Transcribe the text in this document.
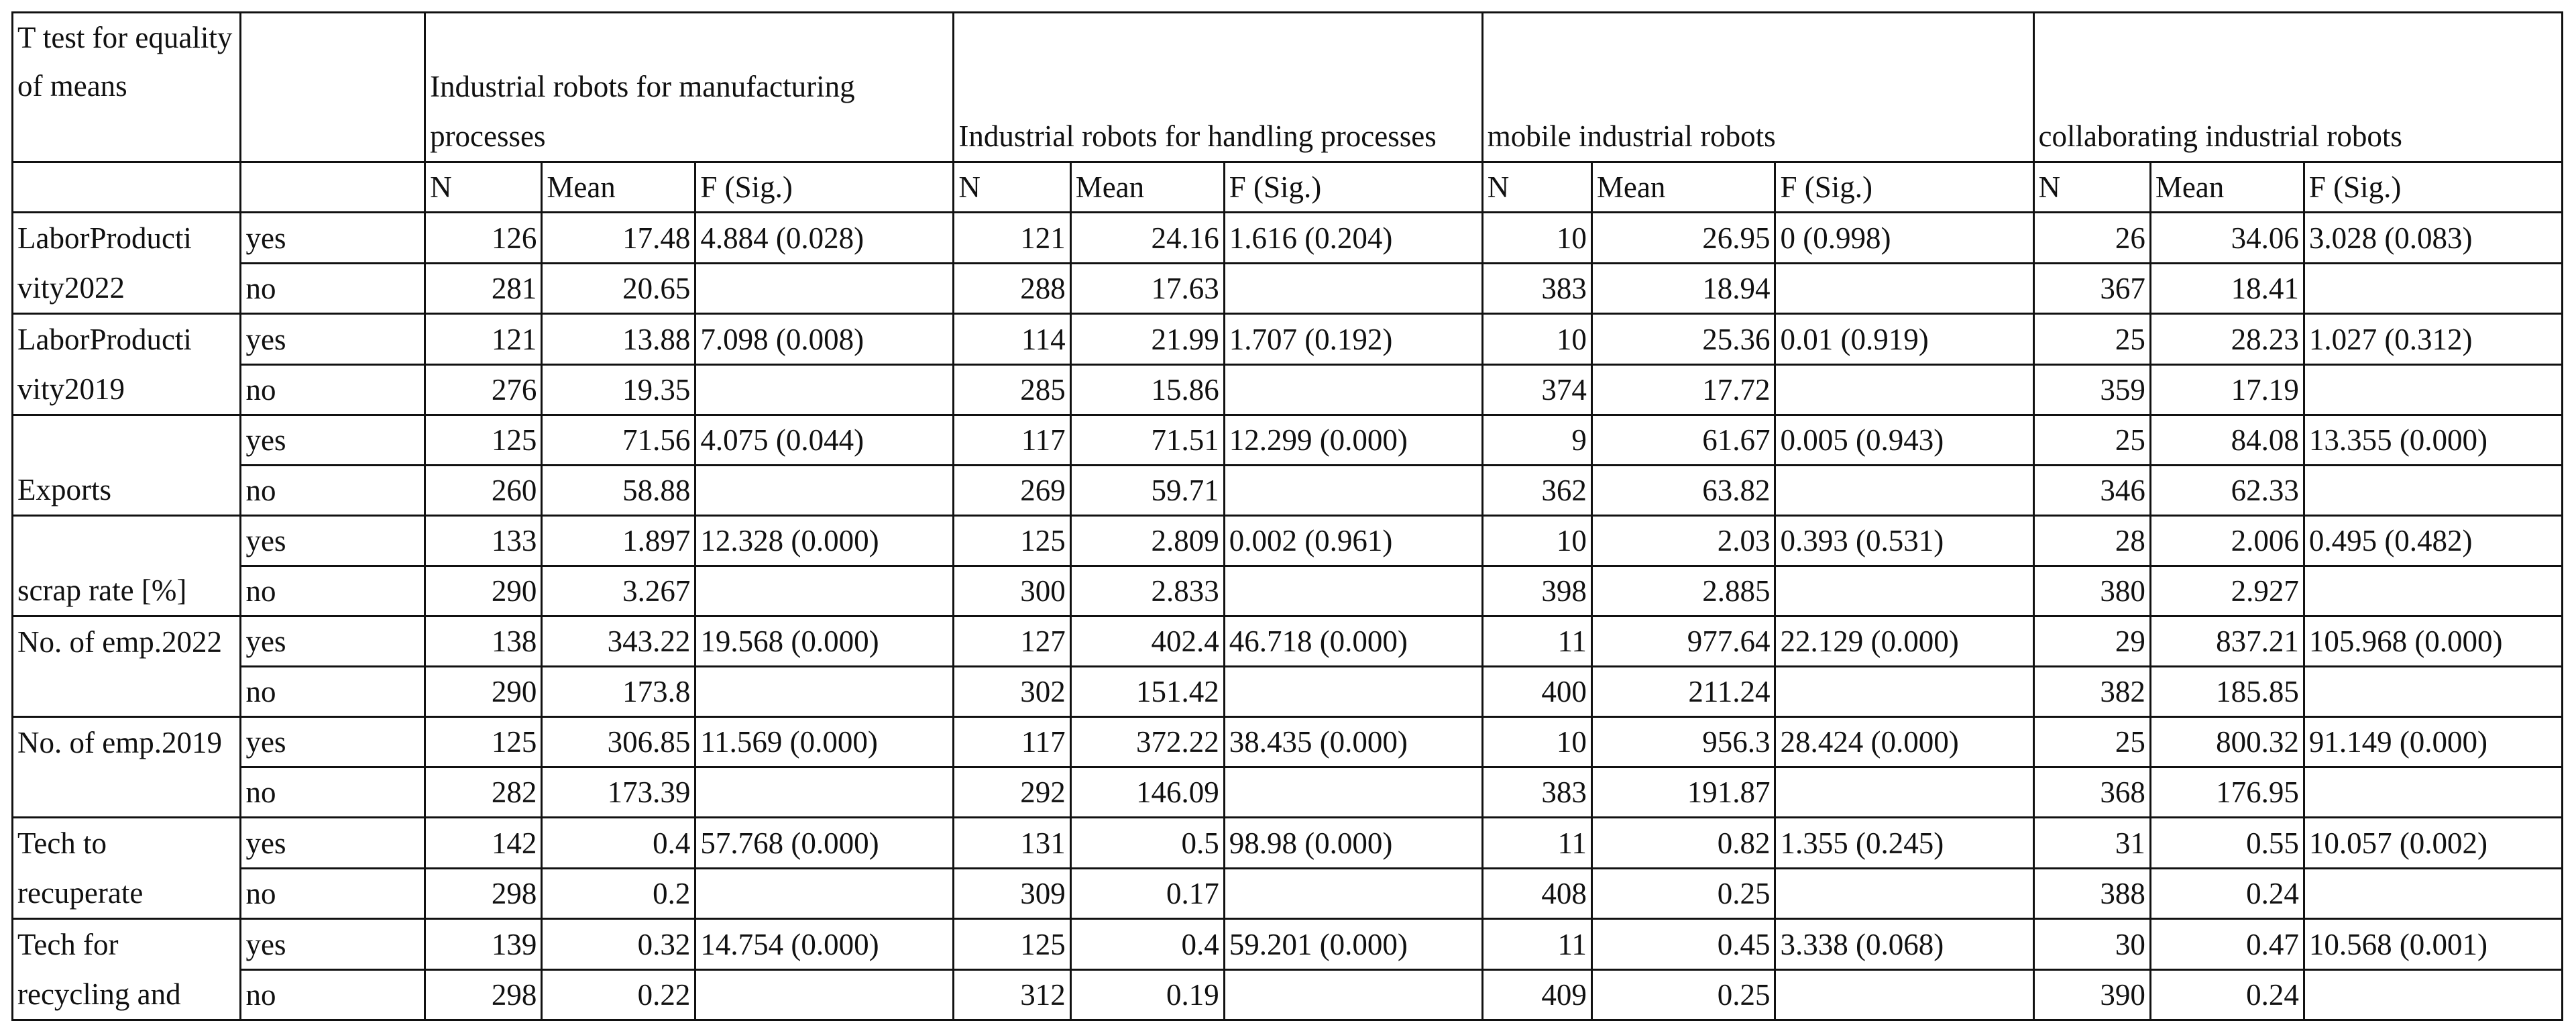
T test for equality of means		Industrial robots for manufacturing processes			Industrial robots for handling processes			mobile industrial robots			collaborating industrial robots		
		N	Mean	F (Sig.)	N	Mean	F (Sig.)	N	Mean	F (Sig.)	N	Mean	F (Sig.)
LaborProducti vity2022	yes	126	17.48	4.884 (0.028)	121	24.16	1.616 (0.204)	10	26.95	0 (0.998)	26	34.06	3.028 (0.083)
	no	281	20.65		288	17.63		383	18.94		367	18.41	
LaborProducti vity2019	yes	121	13.88	7.098 (0.008)	114	21.99	1.707 (0.192)	10	25.36	0.01 (0.919)	25	28.23	1.027 (0.312)
	no	276	19.35		285	15.86		374	17.72		359	17.19	
Exports	yes	125	71.56	4.075 (0.044)	117	71.51	12.299 (0.000)	9	61.67	0.005 (0.943)	25	84.08	13.355 (0.000)
	no	260	58.88		269	59.71		362	63.82		346	62.33	
scrap rate [%]	yes	133	1.897	12.328 (0.000)	125	2.809	0.002 (0.961)	10	2.03	0.393 (0.531)	28	2.006	0.495 (0.482)
	no	290	3.267		300	2.833		398	2.885		380	2.927	
No. of emp.2022	yes	138	343.22	19.568 (0.000)	127	402.4	46.718 (0.000)	11	977.64	22.129 (0.000)	29	837.21	105.968 (0.000)
	no	290	173.8		302	151.42		400	211.24		382	185.85	
No. of emp.2019	yes	125	306.85	11.569 (0.000)	117	372.22	38.435 (0.000)	10	956.3	28.424 (0.000)	25	800.32	91.149 (0.000)
	no	282	173.39		292	146.09		383	191.87		368	176.95	
Tech to recuperate	yes	142	0.4	57.768 (0.000)	131	0.5	98.98 (0.000)	11	0.82	1.355 (0.245)	31	0.55	10.057 (0.002)
	no	298	0.2		309	0.17		408	0.25		388	0.24	
Tech for recycling and	yes	139	0.32	14.754 (0.000)	125	0.4	59.201 (0.000)	11	0.45	3.338 (0.068)	30	0.47	10.568 (0.001)
	no	298	0.22		312	0.19		409	0.25		390	0.24	
